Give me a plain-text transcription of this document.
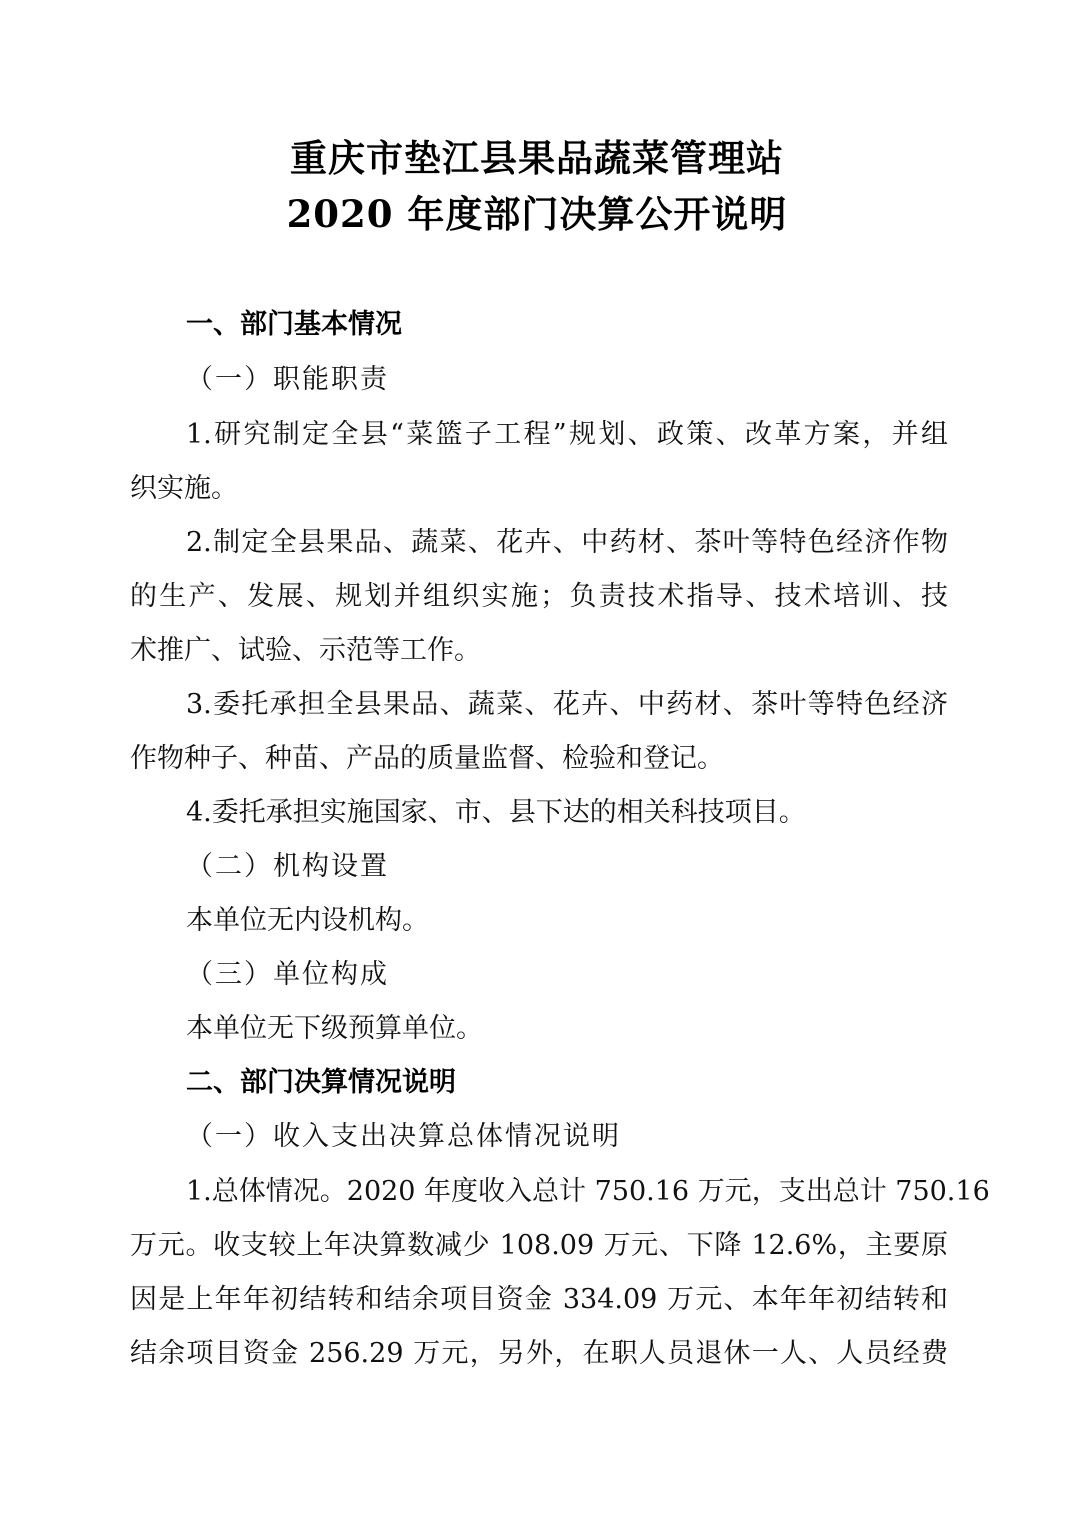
重庆市垫江县果品蔬菜管理站
2020 年度部门决算公开说明
一、部门基本情况
（一）职能职责
1.研究制定全县“菜篮子工程”规划、政策、改革方案，并组
织实施。
2.制定全县果品、蔬菜、花卉、中药材、茶叶等特色经济作物
的生产、发展、规划并组织实施；负责技术指导、技术培训、技
术推广、试验、示范等工作。
3.委托承担全县果品、蔬菜、花卉、中药材、茶叶等特色经济
作物种子、种苗、产品的质量监督、检验和登记。
4.委托承担实施国家、市、县下达的相关科技项目。
（二）机构设置
本单位无内设机构。
（三）单位构成
本单位无下级预算单位。
二、部门决算情况说明
（一）收入支出决算总体情况说明
1.总体情况。2020 年度收入总计 750.16 万元，支出总计 750.16
万元。收支较上年决算数减少 108.09 万元、下降 12.6%，主要原
因是上年年初结转和结余项目资金 334.09 万元、本年年初结转和
结余项目资金 256.29 万元，另外，在职人员退休一人、人员经费
